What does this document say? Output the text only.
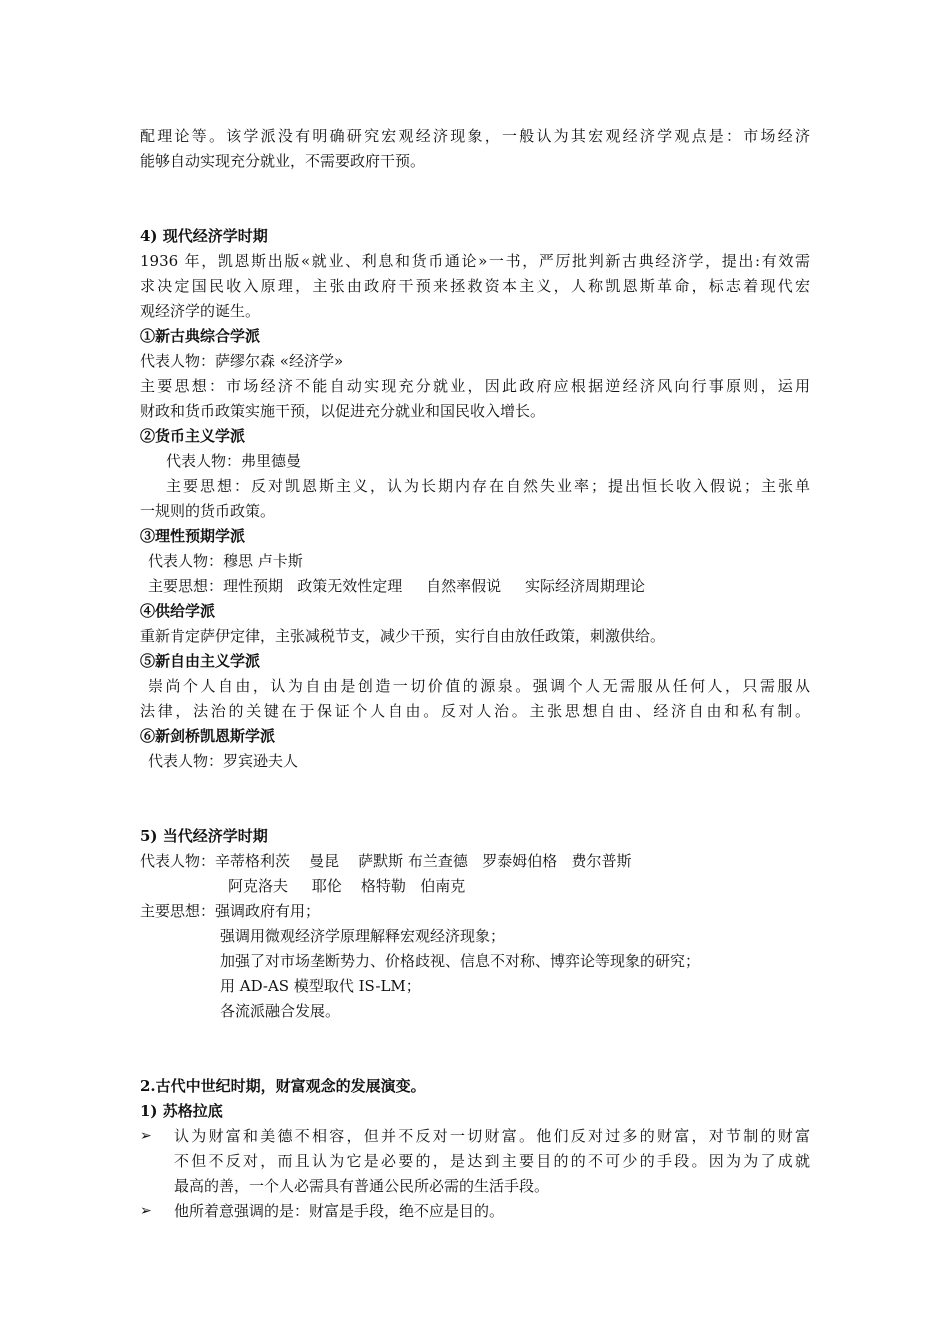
配理论等。该学派没有明确研究宏观经济现象，一般认为其宏观经济学观点是：市场经济
能够自动实现充分就业，不需要政府干预。
4) 现代经济学时期
1936 年，凯恩斯出版«就业、利息和货币通论»一书，严厉批判新古典经济学，提出:有效需
求决定国民收入原理，主张由政府干预来拯救资本主义，人称凯恩斯革命，标志着现代宏
观经济学的诞生。
①新古典综合学派
代表人物：萨缪尔森 «经济学»
主要思想：市场经济不能自动实现充分就业，因此政府应根据逆经济风向行事原则，运用
财政和货币政策实施干预，以促进充分就业和国民收入增长。
②货币主义学派
代表人物：弗里德曼
主要思想：反对凯恩斯主义，认为长期内存在自然失业率；提出恒长收入假说；主张单
一规则的货币政策。
③理性预期学派
代表人物：穆思 卢卡斯
主要思想：理性预期   政策无效性定理     自然率假说     实际经济周期理论
④供给学派
重新肯定萨伊定律，主张减税节支，减少干预，实行自由放任政策，刺激供给。
⑤新自由主义学派
崇尚个人自由，认为自由是创造一切价值的源泉。强调个人无需服从任何人，只需服从
法律，法治的关键在于保证个人自由。反对人治。主张思想自由、经济自由和私有制。
⑥新剑桥凯恩斯学派
代表人物：罗宾逊夫人
5) 当代经济学时期
代表人物：辛蒂格利茨    曼昆    萨默斯 布兰查德   罗泰姆伯格   费尔普斯
阿克洛夫     耶伦    格特勒   伯南克
主要思想：强调政府有用；
强调用微观经济学原理解释宏观经济现象；
加强了对市场垄断势力、价格歧视、信息不对称、博弈论等现象的研究；
用 AD-AS 模型取代 IS-LM；
各流派融合发展。
2.古代中世纪时期，财富观念的发展演变。
1) 苏格拉底
➢ 认为财富和美德不相容，但并不反对一切财富。他们反对过多的财富，对节制的财富
不但不反对，而且认为它是必要的，是达到主要目的的不可少的手段。因为为了成就
最高的善，一个人必需具有普通公民所必需的生活手段。
➢ 他所着意强调的是：财富是手段，绝不应是目的。
